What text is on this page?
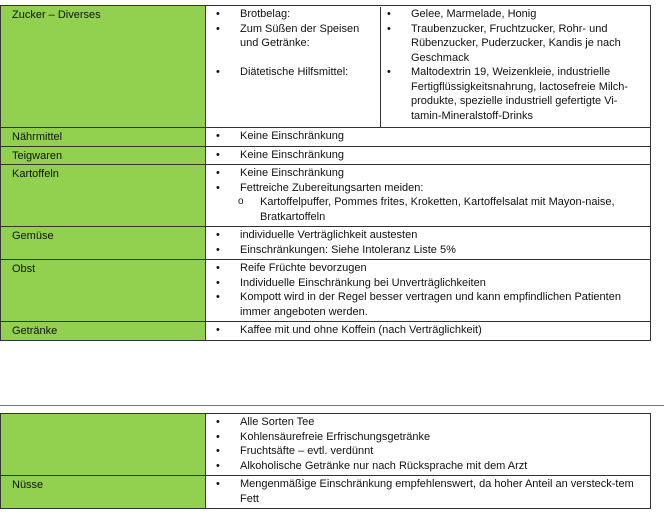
Zucker – Diverses	
•	Brotbelag:
• Zum Süßen der Speisen und Getränke:
• Diätetische Hilfsmittel:

• Gelee, Marmelade, Honig
• Traubenzucker, Fruchtzucker, Rohr- und Rübenzucker, Puderzucker, Kandis je nach Geschmack
• Maltodextrin 19, Weizenkleie, industrielle Fertigflüssigkeitsnahrung, lactosefreie Milch-produkte, spezielle industriell gefertigte Vi-tamin-Mineralstoff-Drinks

Nährmittel	
•Keine Einschränkung

Teigwaren	
•Keine Einschränkung

Kartoffeln	
•Keine Einschränkung
• Fettreiche Zubereitungsarten meiden:
o Kartoffelpuffer, Pommes frites, Kroketten, Kartoffelsalat mit Mayon-naise, Bratkartoffeln

Gemüse	
•individuelle Verträglichkeit austesten
• Einschränkungen: Siehe Intoleranz Liste 5%

Obst	
•Reife Früchte bevorzugen
• Individuelle Einschränkung bei Unverträglichkeiten
• Kompott wird in der Regel besser vertragen und kann empfindlichen Patienten immer angeboten werden.

Getränke	
•Kaffee mit und ohne Koffein (nach Verträglichkeit)

• Alle Sorten Tee
• Kohlensäurefreie Erfrischungsgetränke
• Fruchtsäfte – evtl. verdünnt
• Alkoholische Getränke nur nach Rücksprache mit dem Arzt

Nüsse	
•Mengenmäßige Einschränkung empfehlenswert, da hoher Anteil an versteck-tem Fett
